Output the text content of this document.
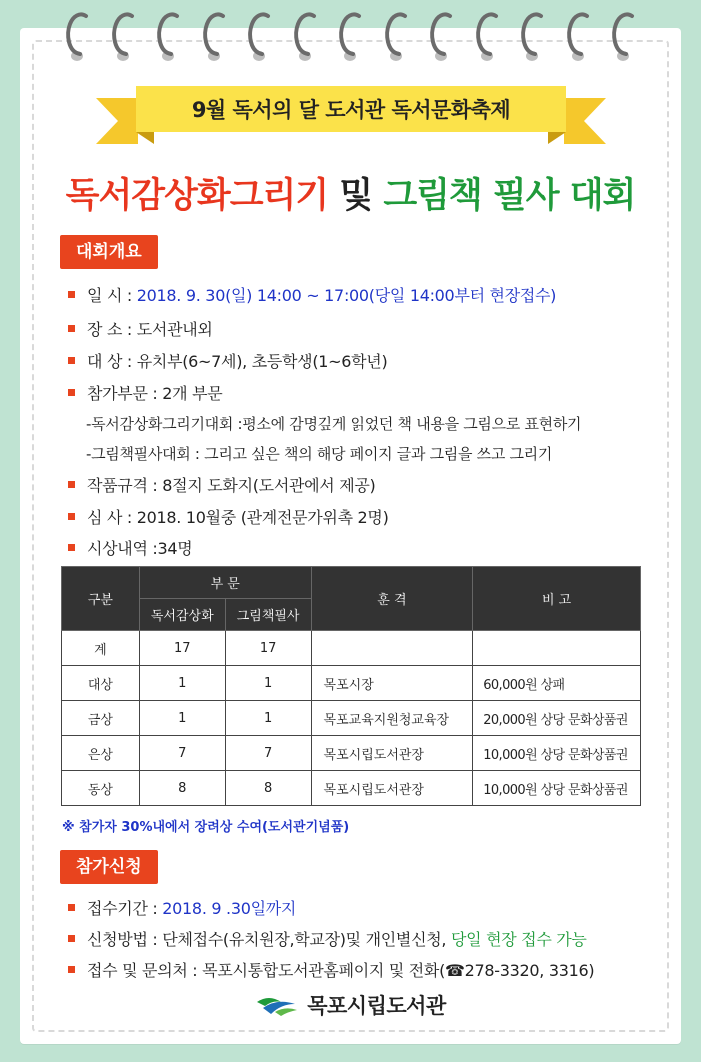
9월 독서의 달 도서관 독서문화축제
독서감상화그리기 및 그림책 필사 대회
대회개요
일 시 : 2018. 9. 30(일) 14:00 ~ 17:00(당일 14:00부터 현장접수)
장 소 : 도서관내외
대 상 : 유치부(6~7세), 초등학생(1~6학년)
참가부문 : 2개 부문
-독서감상화그리기대회 :평소에 감명깊게 읽었던 책 내용을 그림으로 표현하기
-그림책필사대회 : 그리고 싶은 책의 해당 페이지 글과 그림을 쓰고 그리기
작품규격 : 8절지 도화지(도서관에서 제공)
심 사 : 2018. 10월중 (관계전문가위촉 2명)
시상내역 :34명
구분	부 문		훈 격	비 고
	독서감상화	그림책필사		
계	17	17		
대상	1	1	목포시장	60,000원 상패
금상	1	1	목포교육지원청교육장	20,000원 상당 문화상품권
은상	7	7	목포시립도서관장	10,000원 상당 문화상품권
동상	8	8	목포시립도서관장	10,000원 상당 문화상품권
※ 참가자 30%내에서 장려상 수여(도서관기념품)
참가신청
접수기간 : 2018. 9 .30일까지
신청방법 : 단체접수(유치원장,학교장)및 개인별신청, 당일 현장 접수 가능
접수 및 문의처 : 목포시통합도서관홈페이지 및 전화(☎278-3320, 3316)
목포시립도서관
